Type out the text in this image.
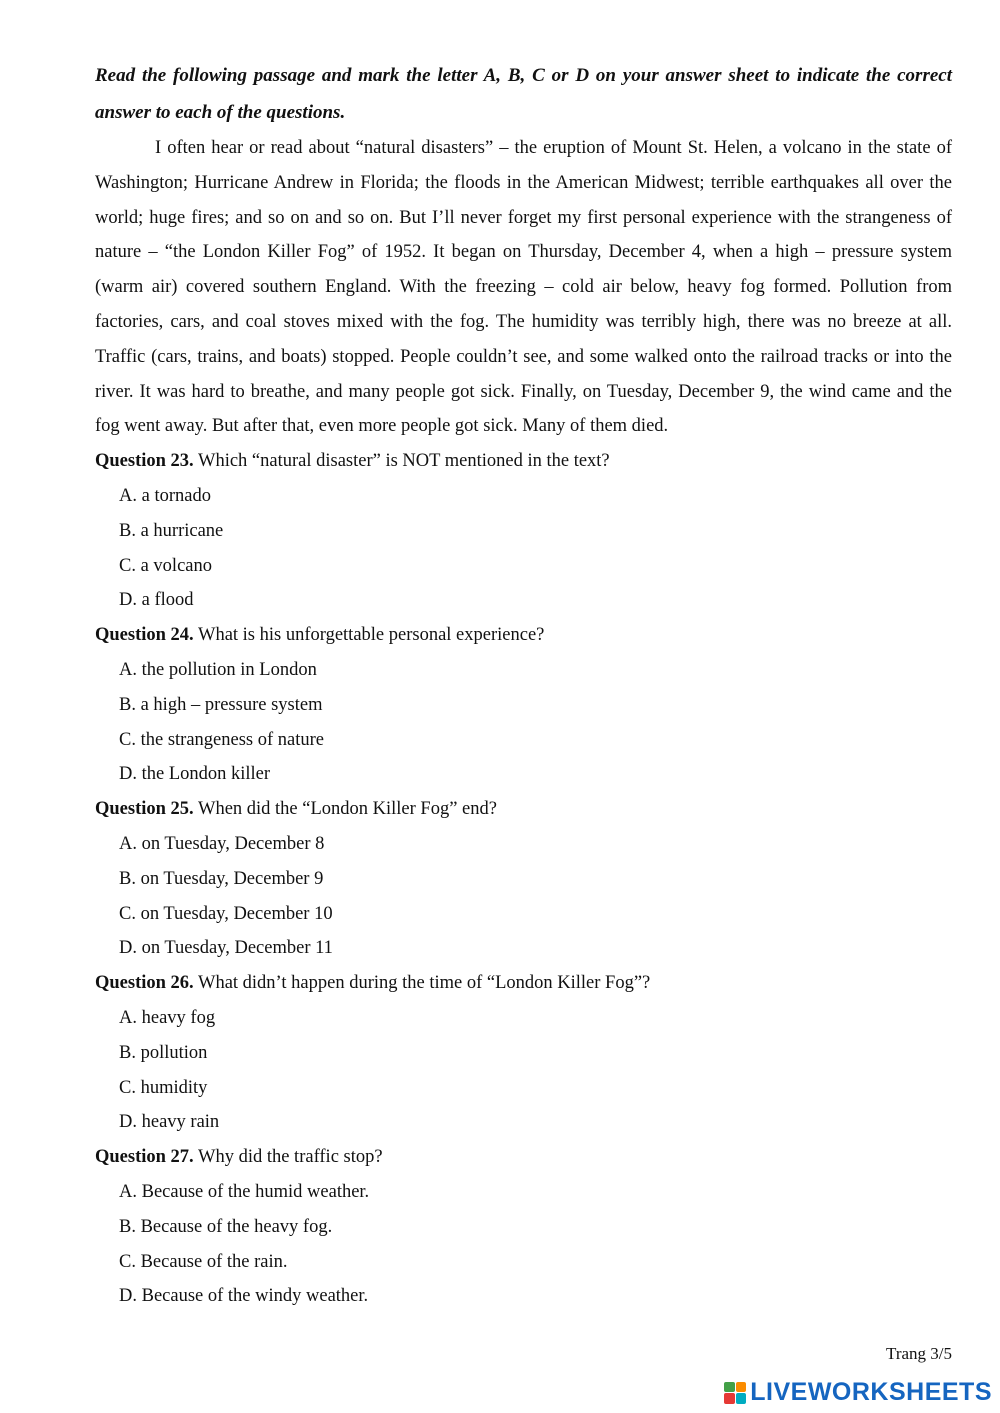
Read the following passage and mark the letter A, B, C or D on your answer sheet to indicate the correct answer to each of the questions.

I often hear or read about “natural disasters” – the eruption of Mount St. Helen, a volcano in the state of Washington; Hurricane Andrew in Florida; the floods in the American Midwest; terrible earthquakes all over the world; huge fires; and so on and so on. But I’ll never forget my first personal experience with the strangeness of nature – “the London Killer Fog” of 1952. It began on Thursday, December 4, when a high – pressure system (warm air) covered southern England. With the freezing – cold air below, heavy fog formed. Pollution from factories, cars, and coal stoves mixed with the fog. The humidity was terribly high, there was no breeze at all. Traffic (cars, trains, and boats) stopped. People couldn’t see, and some walked onto the railroad tracks or into the river. It was hard to breathe, and many people got sick. Finally, on Tuesday, December 9, the wind came and the fog went away. But after that, even more people got sick. Many of them died.

Question 23. Which “natural disaster” is NOT mentioned in the text?

A. a tornado
B. a hurricane
C. a volcano
D. a flood

Question 24. What is his unforgettable personal experience?

A. the pollution in London
B. a high – pressure system
C. the strangeness of nature
D. the London killer

Question 25. When did the “London Killer Fog” end?

A. on Tuesday, December 8
B. on Tuesday, December 9
C. on Tuesday, December 10
D. on Tuesday, December 11

Question 26. What didn’t happen during the time of “London Killer Fog”?

A. heavy fog
B. pollution
C. humidity
D. heavy rain

Question 27. Why did the traffic stop?

A. Because of the humid weather.
B. Because of the heavy fog.
C. Because of the rain.
D. Because of the windy weather.
Trang 3/5
LIVEWORKSHEETS
